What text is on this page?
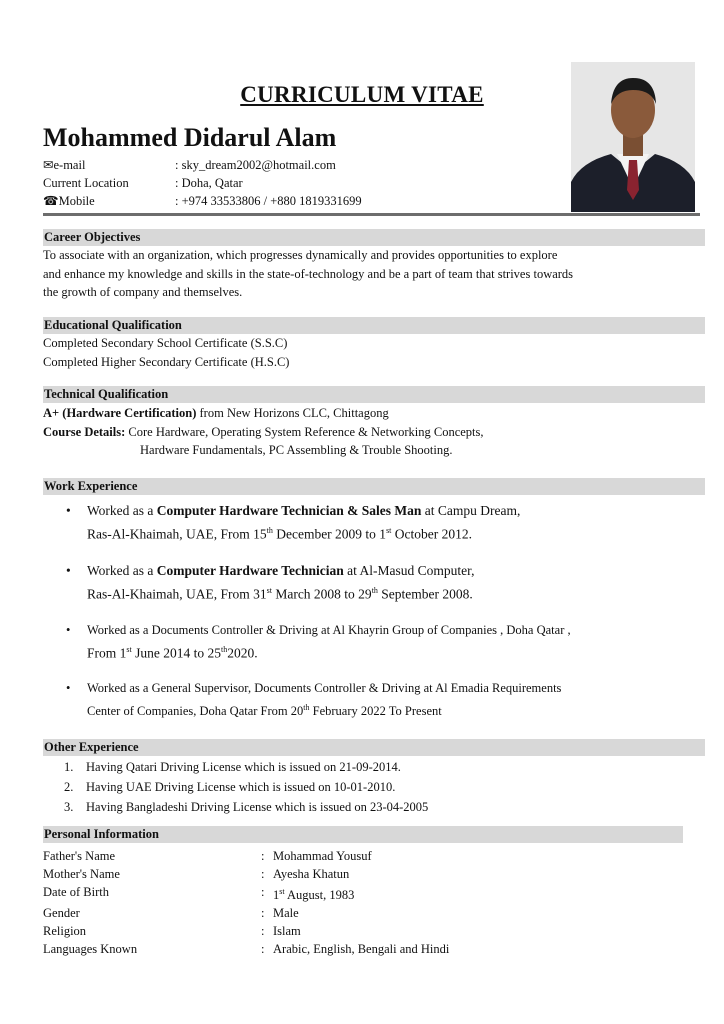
CURRICULUM VITAE
Mohammed Didarul Alam
✉e-mail	: sky_dream2002@hotmail.com
Current Location	: Doha, Qatar
☎Mobile	: +974 33533806 / +880 1819331699
Career Objectives
To associate with an organization, which progresses dynamically and provides opportunities to explore
and enhance my knowledge and skills in the state-of-technology and be a part of team that strives towards
the growth of company and themselves.
Educational Qualification
Completed Secondary School Certificate (S.S.C)
Completed Higher Secondary Certificate (H.S.C)
Technical Qualification
A+ (Hardware Certification) from New Horizons CLC, Chittagong
Course Details: Core Hardware, Operating System Reference & Networking Concepts,
Hardware Fundamentals, PC Assembling & Trouble Shooting.
Work Experience
• Worked as a Computer Hardware Technician & Sales Man at Campu Dream,
Ras-Al-Khaimah, UAE, From 15th December 2009 to 1st October 2012.
• Worked as a Computer Hardware Technician at Al-Masud Computer,
Ras-Al-Khaimah, UAE, From 31st March 2008 to 29th September 2008.
• Worked as a Documents Controller & Driving at Al Khayrin Group of Companies , Doha Qatar ,
From 1st June 2014 to 25th2020.
• Worked as a General Supervisor, Documents Controller & Driving at Al Emadia Requirements
Center of Companies, Doha Qatar From 20th February 2022 To Present
Other Experience
1. Having Qatari Driving License which is issued on 21-09-2014.
2. Having UAE Driving License which is issued on 10-01-2010.
3. Having Bangladeshi Driving License which is issued on 23-04-2005
Personal Information
Father's Name	: Mohammad Yousuf
Mother's Name	: Ayesha Khatun
Date of Birth	: 1st August, 1983
Gender	: Male
Religion	: Islam
Languages Known	: Arabic, English, Bengali and Hindi
